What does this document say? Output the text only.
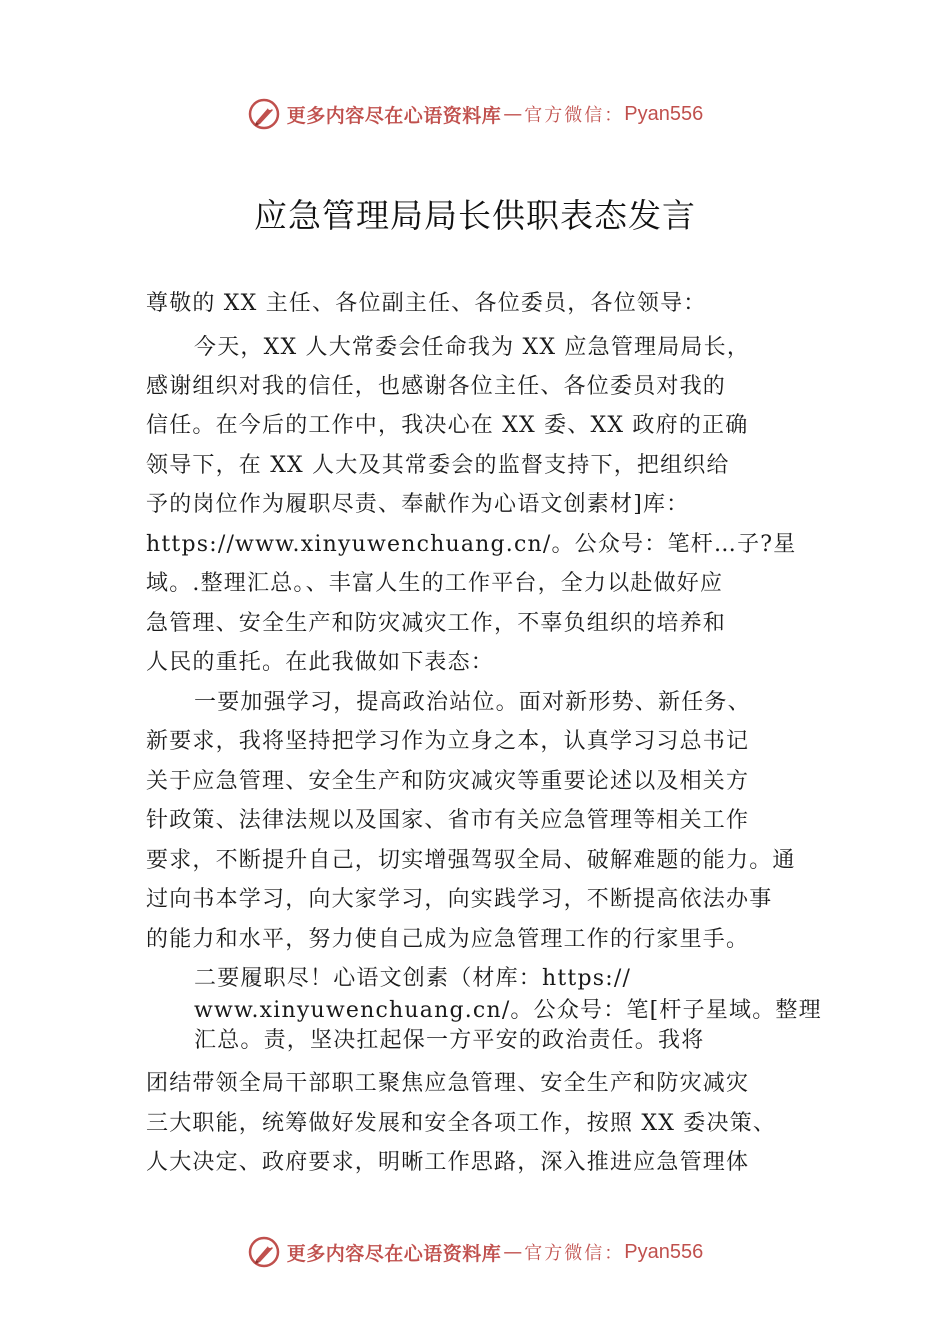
更多内容尽在心语资料库 — 官方微信： Pyan556
应急管理局局长供职表态发言
尊敬的 XX 主任、各位副主任、各位委员，各位领导：
今天，XX 人大常委会任命我为 XX 应急管理局局长，
感谢组织对我的信任，也感谢各位主任、各位委员对我的
信任。在今后的工作中，我决心在 XX 委、XX 政府的正确
领导下，在 XX 人大及其常委会的监督支持下，把组织给
予的岗位作为履职尽责、奉献作为心语文创素材]库：
https://www.xinyuwenchuang.cn/。公众号：笔杆…子?星
域。.整理汇总。、丰富人生的工作平台，全力以赴做好应
急管理、安全生产和防灾减灾工作，不辜负组织的培养和
人民的重托。在此我做如下表态：
一要加强学习，提高政治站位。面对新形势、新任务、
新要求，我将坚持把学习作为立身之本，认真学习习总书记
关于应急管理、安全生产和防灾减灾等重要论述以及相关方
针政策、法律法规以及国家、省市有关应急管理等相关工作
要求，不断提升自己，切实增强驾驭全局、破解难题的能力。通
过向书本学习，向大家学习，向实践学习，不断提高依法办事
的能力和水平，努力使自己成为应急管理工作的行家里手。
二要履职尽！心语文创素（材库：https://
www.xinyuwenchuang.cn/。公众号：笔[杆子星域。整理
汇总。责，坚决扛起保一方平安的政治责任。我将
团结带领全局干部职工聚焦应急管理、安全生产和防灾减灾
三大职能，统筹做好发展和安全各项工作，按照 XX 委决策、
人大决定、政府要求，明晰工作思路，深入推进应急管理体
更多内容尽在心语资料库 — 官方微信： Pyan556
